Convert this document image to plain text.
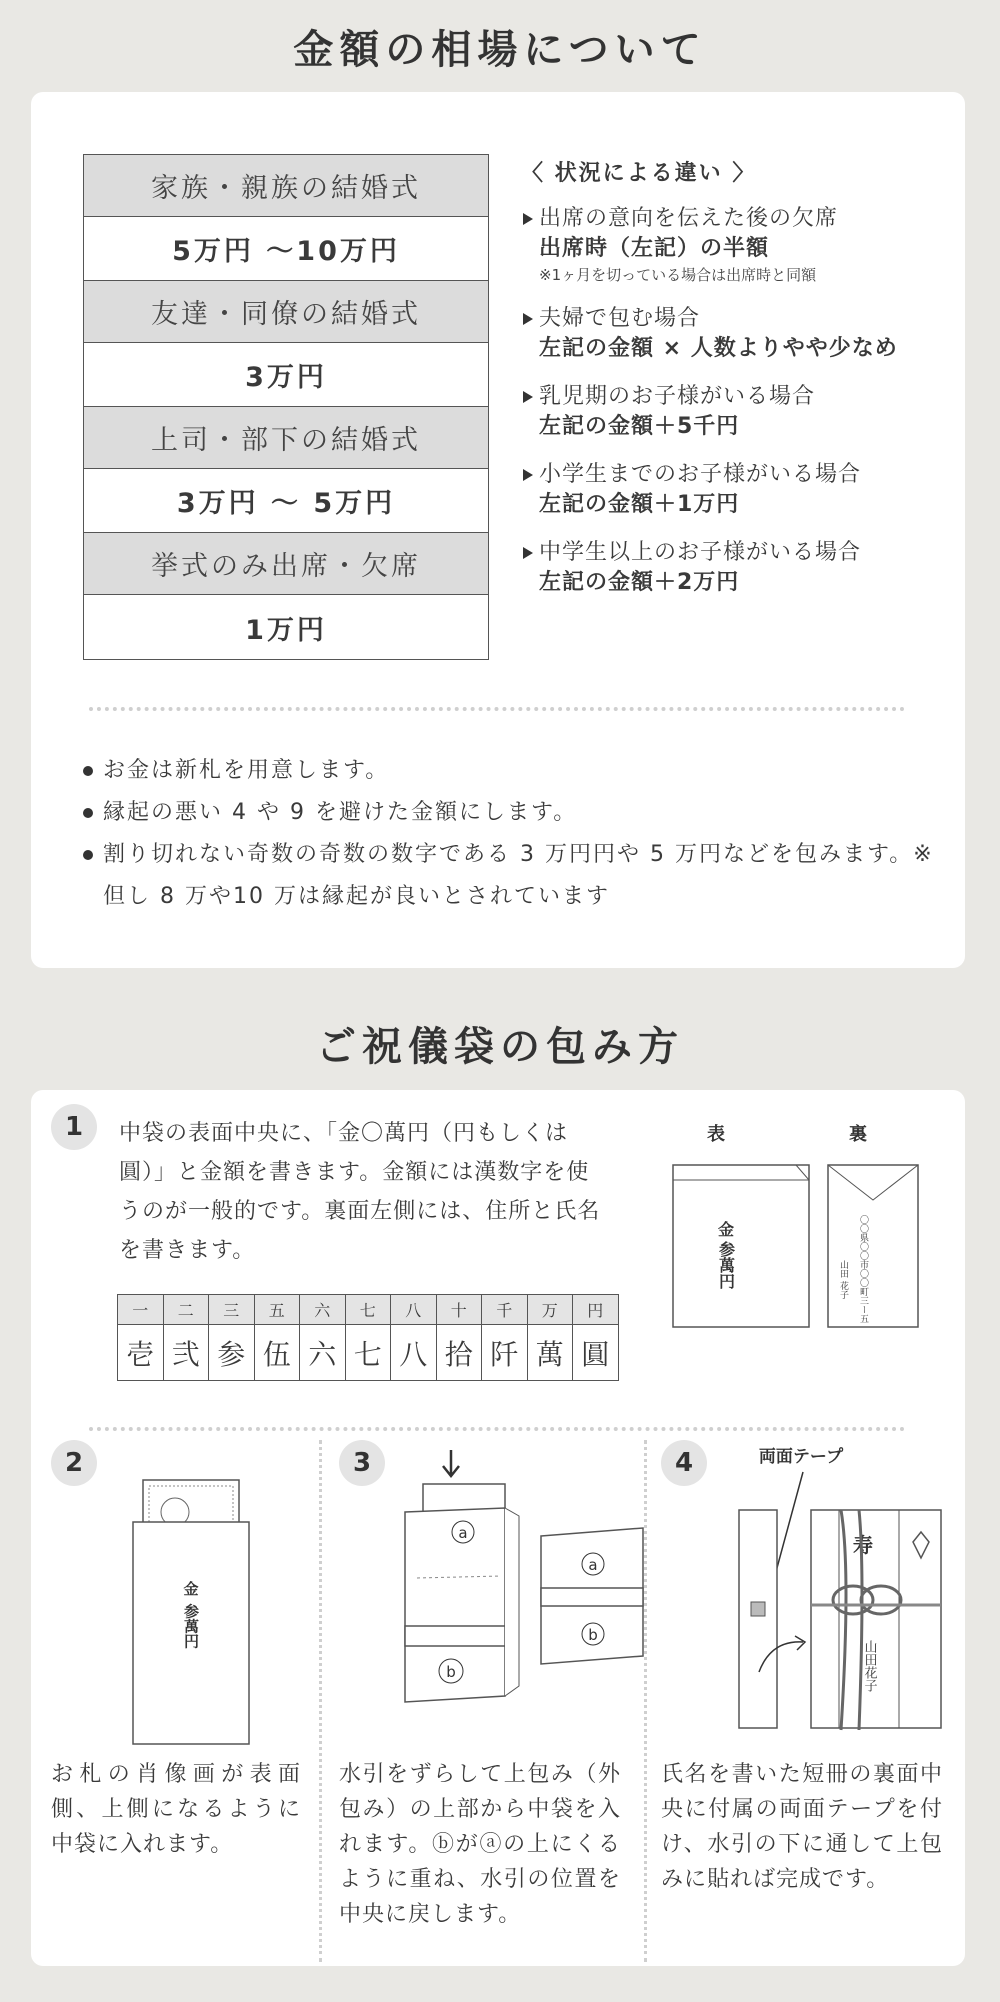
金額の相場について
家族・親族の結婚式
5万円 〜10万円
友達・同僚の結婚式
3万円
上司・部下の結婚式
3万円 〜 5万円
挙式のみ出席・欠席
1万円
〈 状況による違い 〉
出席の意向を伝えた後の欠席
出席時（左記）の半額
※1ヶ月を切っている場合は出席時と同額
夫婦で包む場合
左記の金額 × 人数よりやや少なめ
乳児期のお子様がいる場合
左記の金額＋5千円
小学生までのお子様がいる場合
左記の金額＋1万円
中学生以上のお子様がいる場合
左記の金額＋2万円
お金は新札を用意します。
縁起の悪い 4 や 9 を避けた金額にします。
割り切れない奇数の奇数の数字である 3 万円円や 5 万円などを包みます。※但し 8 万や10 万は縁起が良いとされています
ご祝儀袋の包み方
1	中袋の表面中央に、「金〇萬円（円もしくは圓）」と金額を書きます。金額には漢数字を使うのが一般的です。裏面左側には、住所と氏名を書きます。
一	二	三	五	六	七	八	十	千	万	円
壱	弐	参	伍	六	七	八	拾	阡	萬	圓
表	裏
金
参萬円	〇〇県〇〇市〇〇町三ー五
山田 花子
2
金
参萬円
お札の肖像画が表面側、上側になるように中袋に入れます。
3
a
b
a
b
水引をずらして上包み（外包み）の上部から中袋を入れます。ⓑがⓐの上にくるように重ね、水引の位置を中央に戻します。
4	両面テープ
寿
山田花子
氏名を書いた短冊の裏面中央に付属の両面テープを付け、水引の下に通して上包みに貼れば完成です。
